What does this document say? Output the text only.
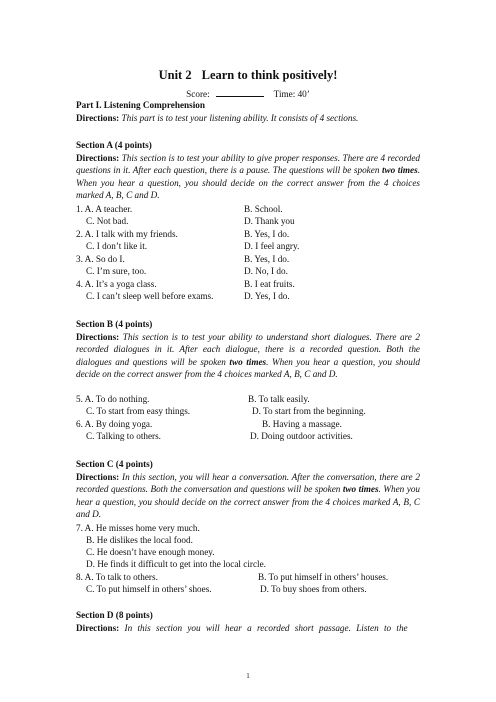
Unit 2 Learn to think positively!
Score:	Time: 40’
Part I. Listening Comprehension
Directions: This part is to test your listening ability. It consists of 4 sections.
Section A (4 points)
Directions: This section is to test your ability to give proper responses. There are 4 recorded questions in it. After each question, there is a pause. The questions will be spoken two times. When you hear a question, you should decide on the correct answer from the 4 choices marked A, B, C and D.
1. A. A teacher.	B. School.
C. Not bad.	D. Thank you
2. A. I talk with my friends.	B. Yes, I do.
C. I don’t like it.	D. I feel angry.
3. A. So do I.	B. Yes, I do.
C. I’m sure, too.	D. No, I do.
4. A. It’s a yoga class.	B. I eat fruits.
C. I can’t sleep well before exams.	D. Yes, I do.
Section B (4 points)
Directions: This section is to test your ability to understand short dialogues. There are 2 recorded dialogues in it. After each dialogue, there is a recorded question. Both the dialogues and questions will be spoken two times. When you hear a question, you should decide on the correct answer from the 4 choices marked A, B, C and D.
5. A. To do nothing.	B. To talk easily.
C. To start from easy things.	D. To start from the beginning.
6. A. By doing yoga.	B. Having a massage.
C. Talking to others.	D. Doing outdoor activities.
Section C (4 points)
Directions: In this section, you will hear a conversation. After the conversation, there are 2 recorded questions. Both the conversation and questions will be spoken two times. When you hear a question, you should decide on the correct answer from the 4 choices marked A, B, C and D.
7. A. He misses home very much.
B. He dislikes the local food.
C. He doesn’t have enough money.
D. He finds it difficult to get into the local circle.
8. A. To talk to others.	B. To put himself in others’ houses.
C. To put himself in others’ shoes.	D. To buy shoes from others.
Section D (8 points)
Directions: In this section you will hear a recorded short passage. Listen to the
1
